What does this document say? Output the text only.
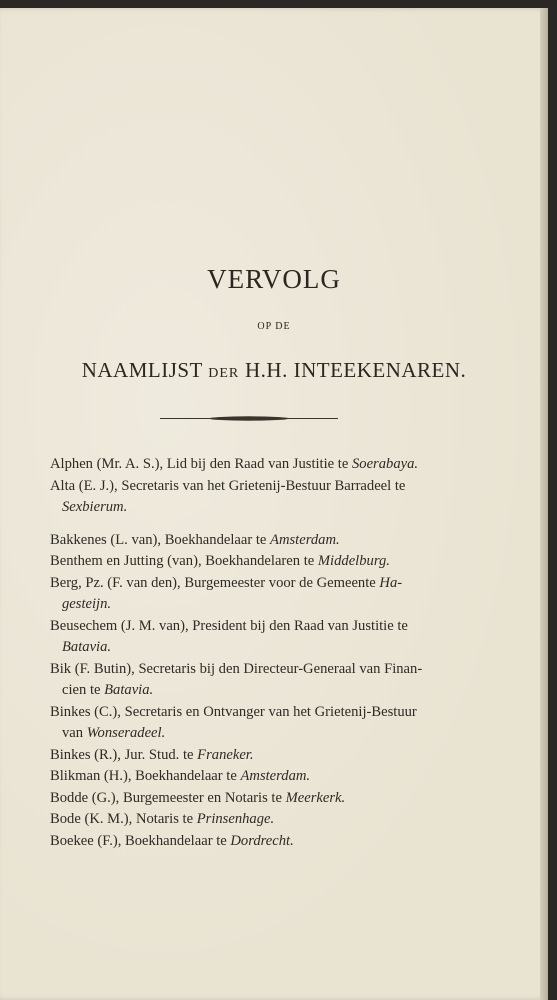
VERVOLG
OP DE
NAAMLIJST DER H.H. INTEEKENAREN.

Alphen (Mr. A. S.), Lid bij den Raad van Justitie te Soerabaya.

Alta (E. J.), Secretaris van het Grietenij-Bestuur Barradeel te
Sexbierum.

Bakkenes (L. van), Boekhandelaar te Amsterdam.

Benthem en Jutting (van), Boekhandelaren te Middelburg.

Berg, Pz. (F. van den), Burgemeester voor de Gemeente Ha-
gesteijn.

Beusechem (J. M. van), President bij den Raad van Justitie te
Batavia.

Bik (F. Butin), Secretaris bij den Directeur-Generaal van Finan-
cien te Batavia.

Binkes (C.), Secretaris en Ontvanger van het Grietenij-Bestuur
van Wonseradeel.

Binkes (R.), Jur. Stud. te Franeker.

Blikman (H.), Boekhandelaar te Amsterdam.

Bodde (G.), Burgemeester en Notaris te Meerkerk.

Bode (K. M.), Notaris te Prinsenhage.

Boekee (F.), Boekhandelaar te Dordrecht.
